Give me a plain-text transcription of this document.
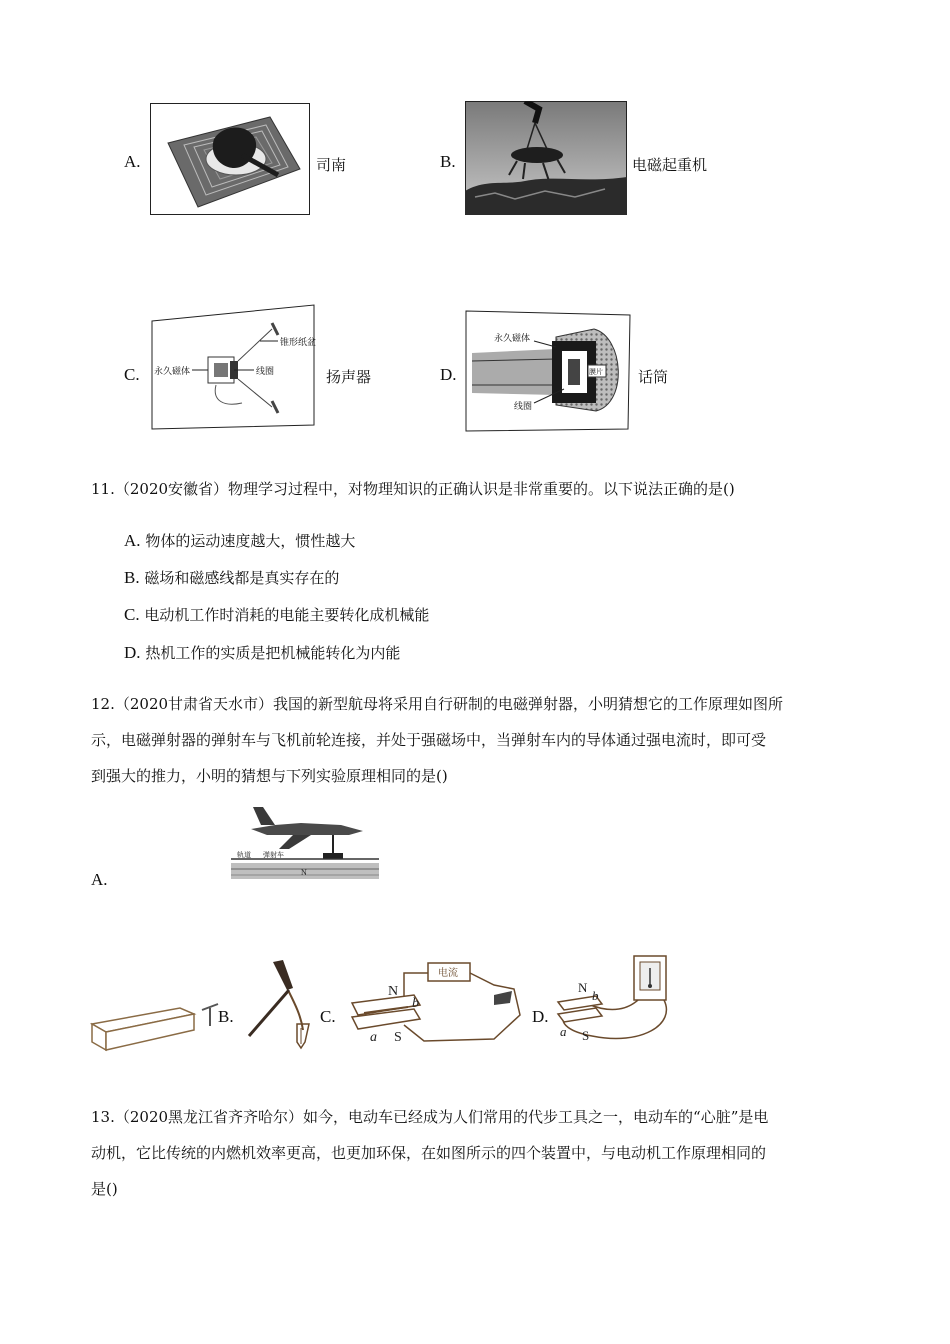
A.	司南	B.	电磁起重机
C.
锥形纸盆
永久磁体	线圈	扬声器	D.
永久磁体
线圈
膜片 话筒
11.（2020安徽省）物理学习过程中，对物理知识的正确认识是非常重要的。以下说法正确的是()
A. 物体的运动速度越大，惯性越大
B. 磁场和磁感线都是真实存在的
C. 电动机工作时消耗的电能主要转化成机械能
D. 热机工作的实质是把机械能转化为内能
12.（2020甘肃省天水市）我国的新型航母将采用自行研制的电磁弹射器，小明猜想它的工作原理如图所
示，电磁弹射器的弹射车与飞机前轮连接，并处于强磁场中，当弹射车内的导体通过强电流时，即可受
到强大的推力，小明的猜想与下列实验原理相同的是()
A.
轨道 弹射车
N
B.	C.
电流
N
b
a S
D.
N
b
a S
13.（2020黑龙江省齐齐哈尔）如今，电动车已经成为人们常用的代步工具之一，电动车的“心脏”是电
动机，它比传统的内燃机效率更高，也更加环保，在如图所示的四个装置中，与电动机工作原理相同的
是()
